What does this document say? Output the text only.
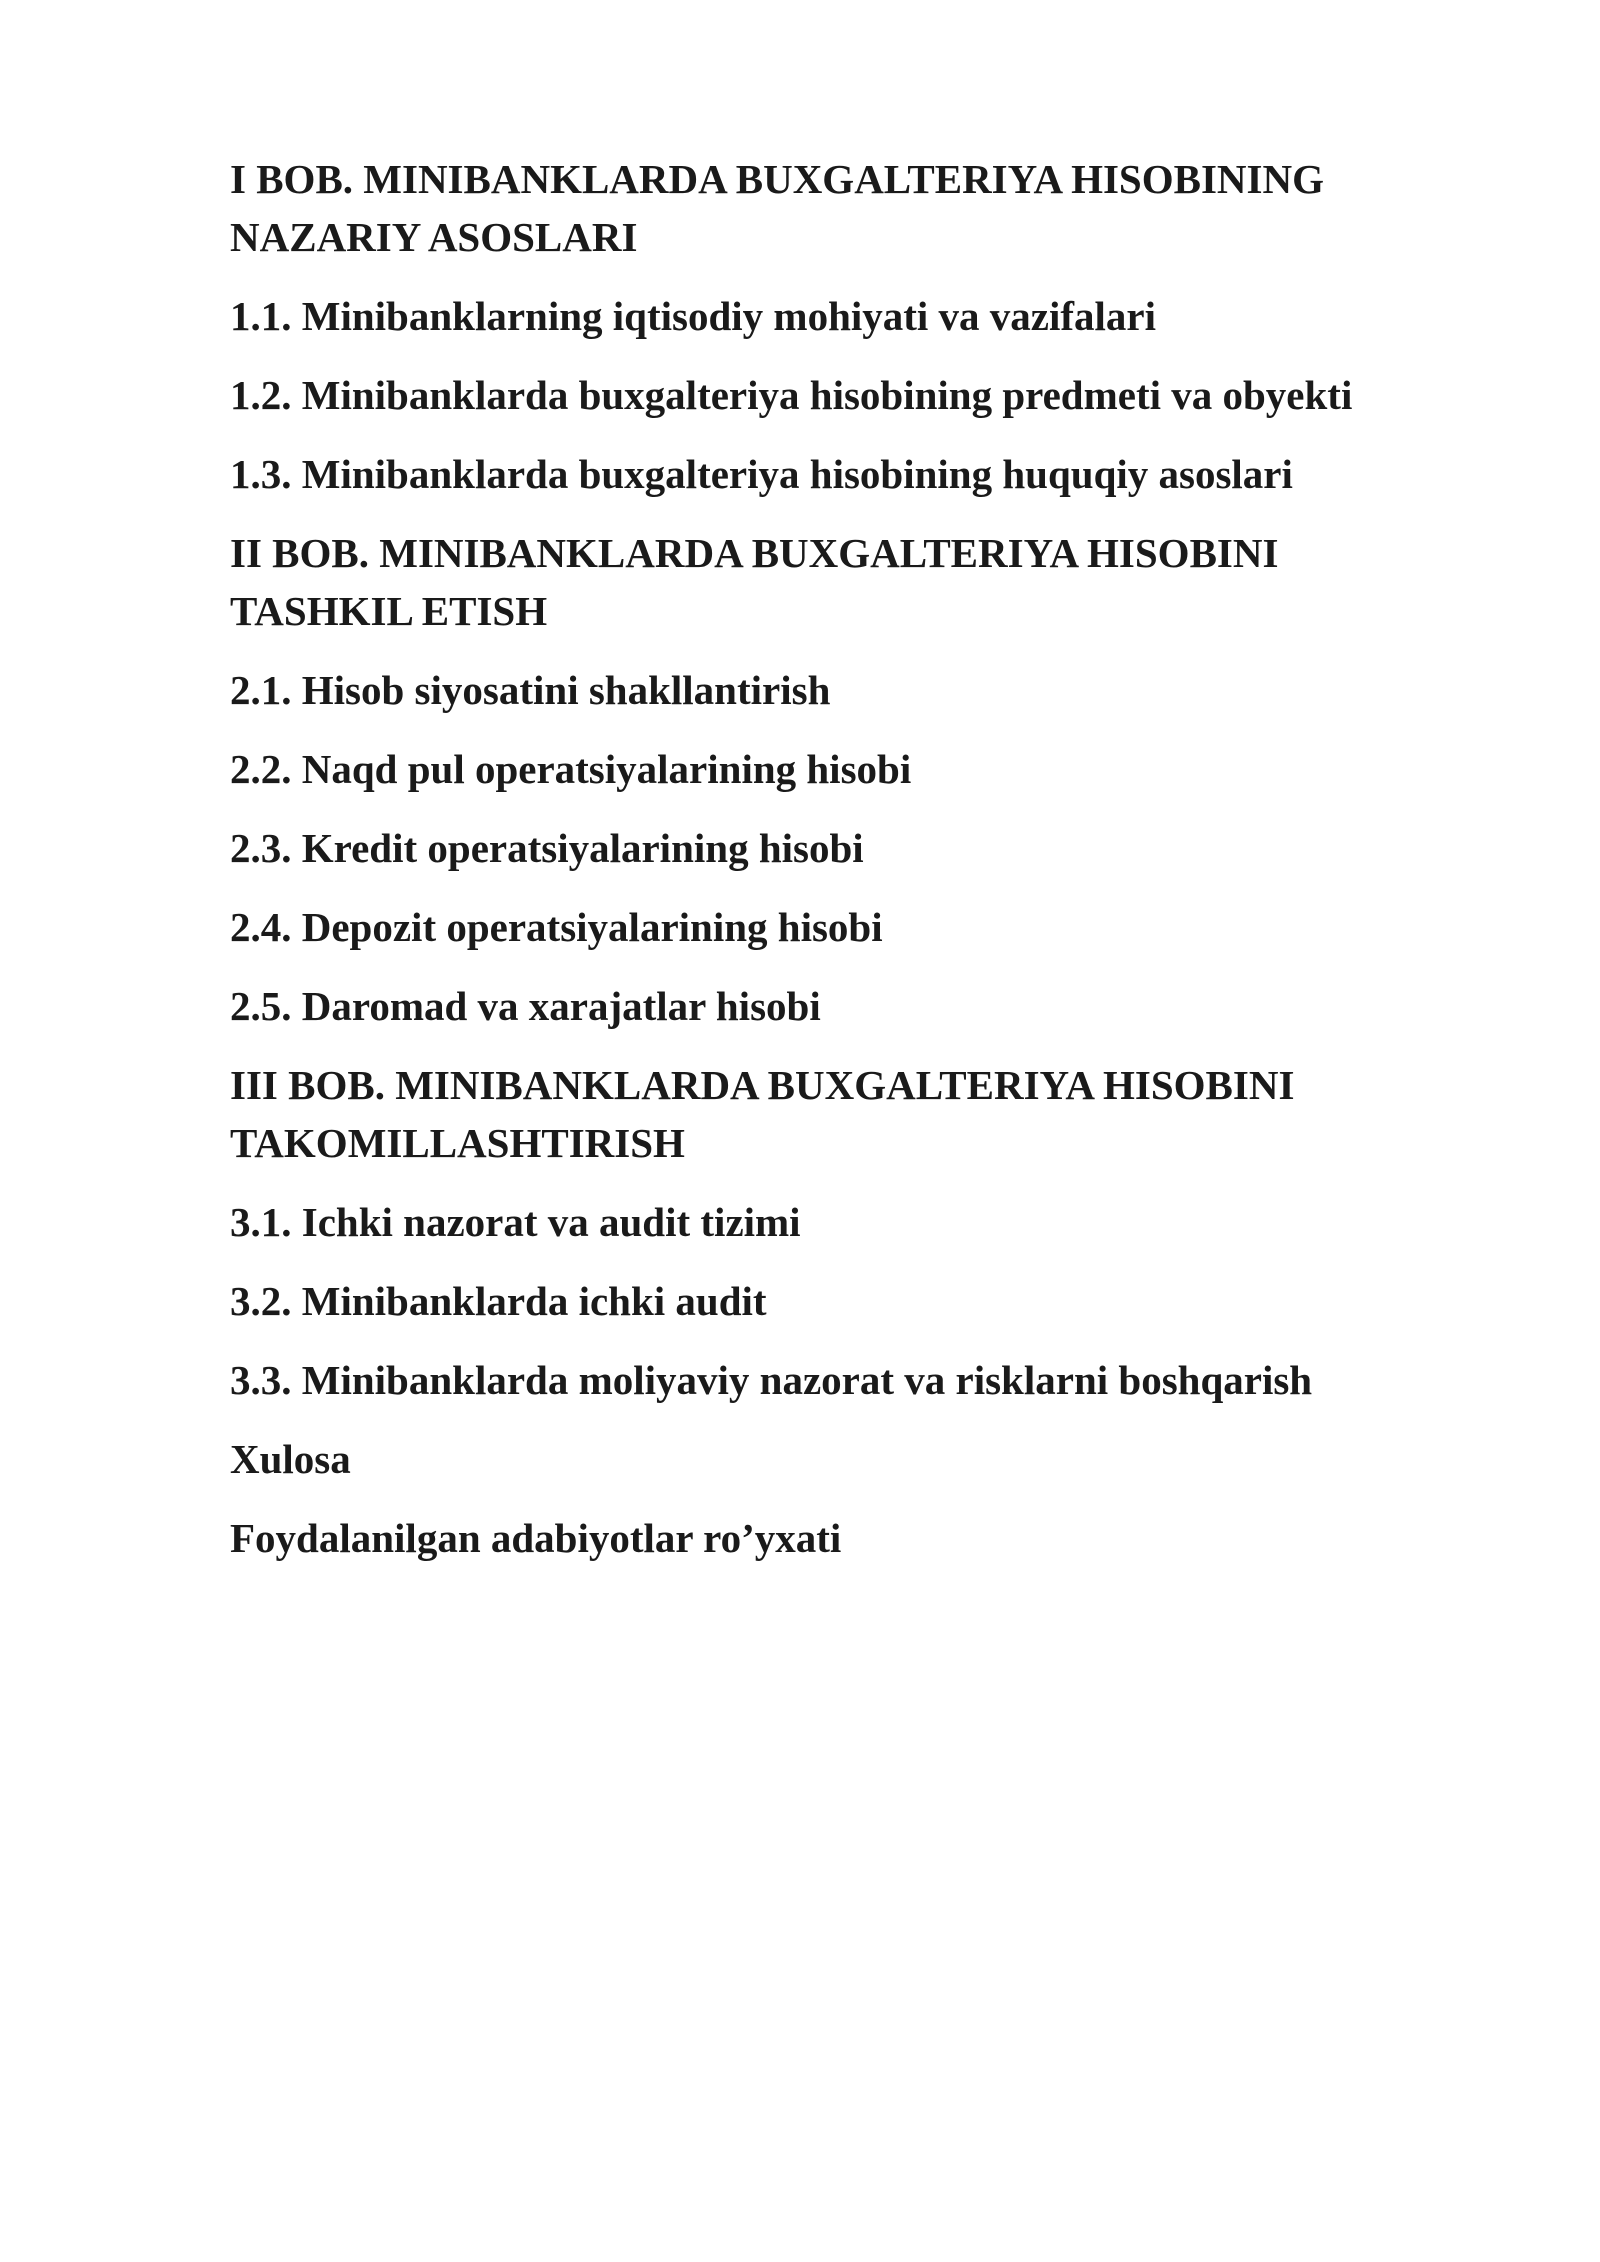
I BOB. MINIBANKLARDA BUXGALTERIYA HISOBINING
NAZARIY ASOSLARI
1.1. Minibanklarning iqtisodiy mohiyati va vazifalari
1.2. Minibanklarda buxgalteriya hisobining predmeti va obyekti
1.3. Minibanklarda buxgalteriya hisobining huquqiy asoslari
II BOB. MINIBANKLARDA BUXGALTERIYA HISOBINI
TASHKIL ETISH
2.1. Hisob siyosatini shakllantirish
2.2. Naqd pul operatsiyalarining hisobi
2.3. Kredit operatsiyalarining hisobi
2.4. Depozit operatsiyalarining hisobi
2.5. Daromad va xarajatlar hisobi
III BOB. MINIBANKLARDA BUXGALTERIYA HISOBINI
TAKOMILLASHTIRISH
3.1. Ichki nazorat va audit tizimi
3.2. Minibanklarda ichki audit
3.3. Minibanklarda moliyaviy nazorat va risklarni boshqarish
Xulosa
Foydalanilgan adabiyotlar ro’yxati
